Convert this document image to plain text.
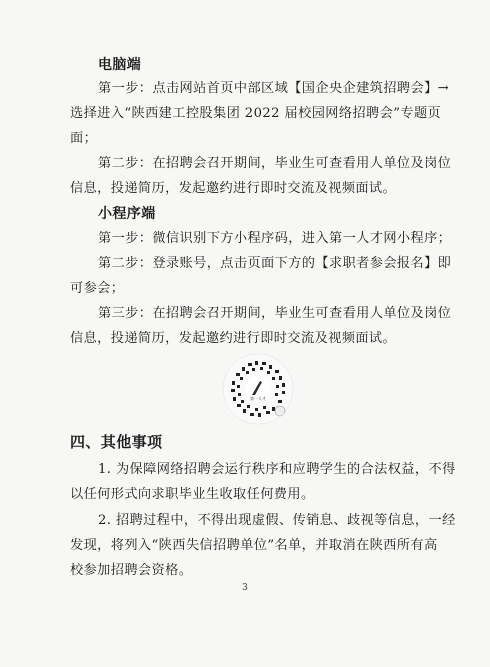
电脑端
第一步：点击网站首页中部区域【国企央企建筑招聘会】→
选择进入“陕西建工控股集团 2022 届校园网络招聘会”专题页
面；
第二步：在招聘会召开期间，毕业生可查看用人单位及岗位
信息，投递简历，发起邀约进行即时交流及视频面试。
小程序端
第一步：微信识别下方小程序码，进入第一人才网小程序；
第二步：登录账号，点击页面下方的【求职者参会报名】即
可参会；
第三步：在招聘会召开期间，毕业生可查看用人单位及岗位
信息，投递简历，发起邀约进行即时交流及视频面试。
第一人才
四、其他事项
1. 为保障网络招聘会运行秩序和应聘学生的合法权益，不得
以任何形式向求职毕业生收取任何费用。
2. 招聘过程中，不得出现虚假、传销息、歧视等信息，一经
发现，将列入“陕西失信招聘单位”名单，并取消在陕西所有高
校参加招聘会资格。
3
